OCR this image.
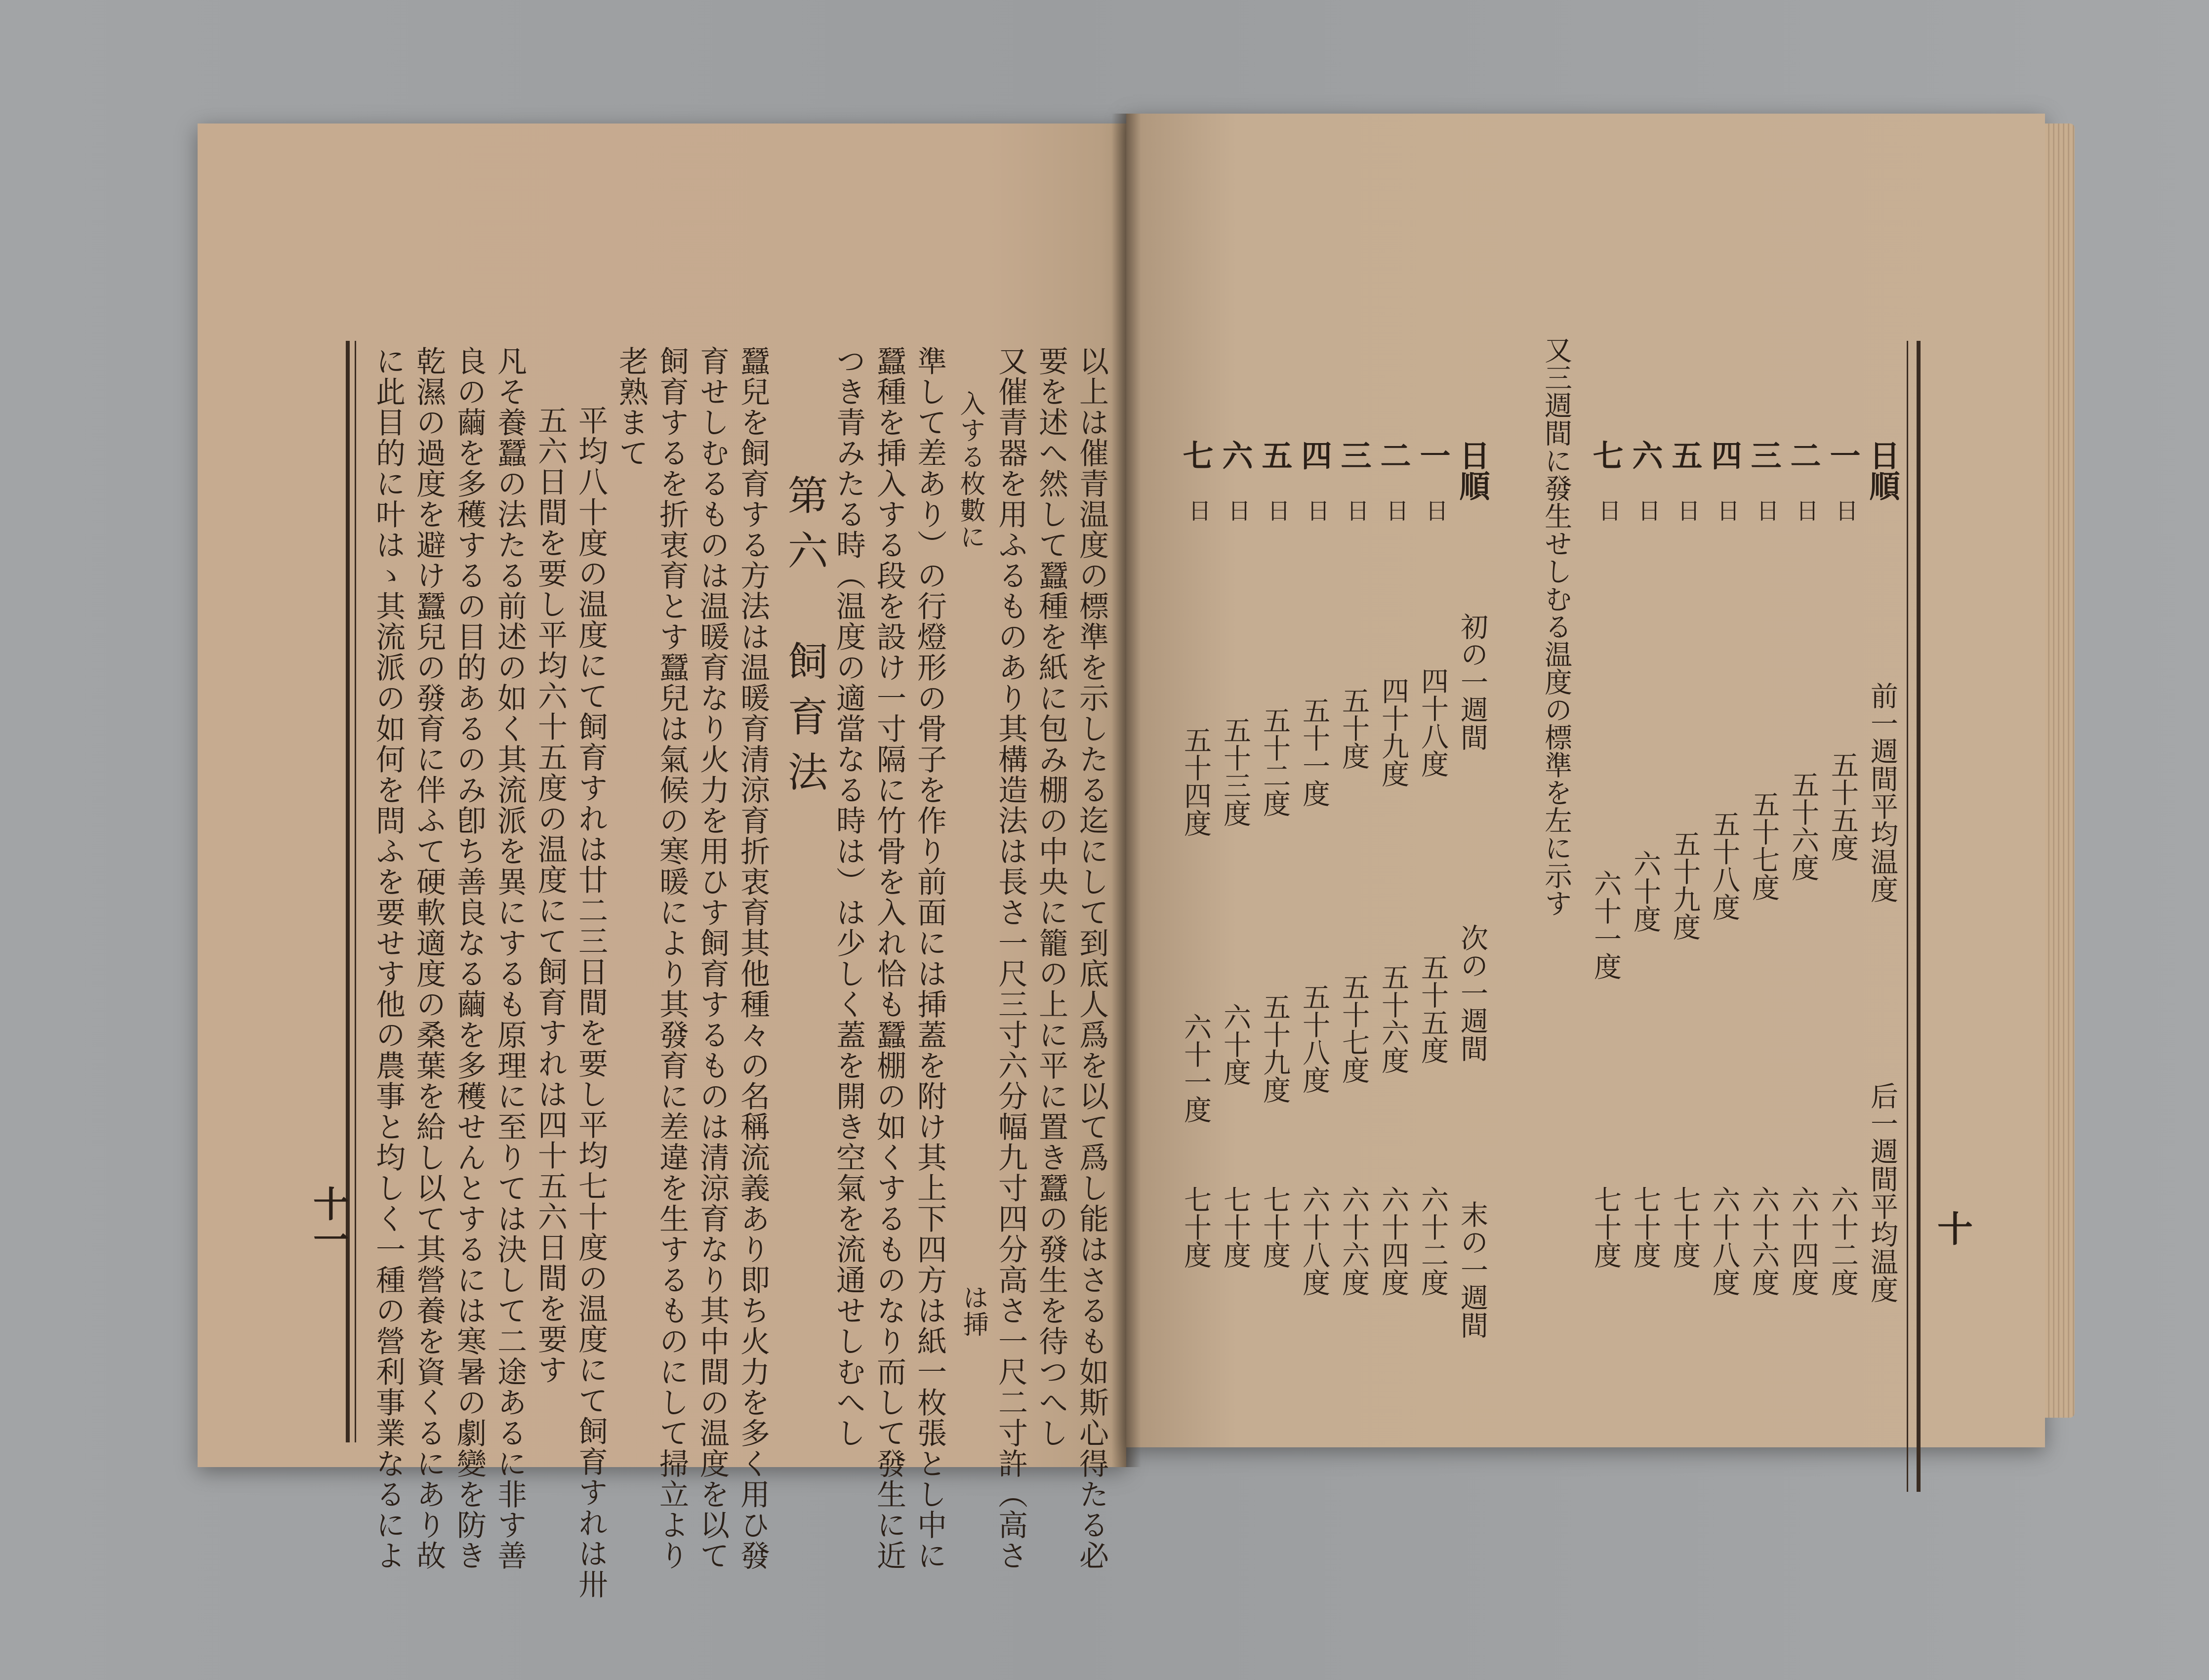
以上は催青温度の標準を示したる迄にして到底人爲を以て爲し能はさるも如斯心得たる必
要を述へ然して蠶種を紙に包み棚の中央に籠の上に平に置き蠶の發生を待つへし
又催青器を用ふるものあり其構造法は長さ一尺三寸六分幅九寸四分高さ一尺二寸許（高さ
入する枚數に
準して差あり）の行燈形の骨子を作り前面には挿蓋を附け其上下四方は紙一枚張とし中に
蠶種を挿入する段を設け一寸隔に竹骨を入れ恰も蠶棚の如くするものなり而して發生に近
つき青みたる時（温度の適當なる時は）は少しく蓋を開き空氣を流通せしむへし
第六　飼育法
蠶兒を飼育する方法は温暖育清涼育折衷育其他種々の名稱流義あり即ち火力を多く用ひ發
育せしむるものは温暖育なり火力を用ひす飼育するものは清涼育なり其中間の温度を以て
飼育するを折衷育とす蠶兒は氣候の寒暖により其發育に差違を生するものにして掃立より
老熟まて
平均八十度の温度にて飼育すれは廿二三日間を要し平均七十度の温度にて飼育すれは卅
五六日間を要し平均六十五度の温度にて飼育すれは四十五六日間を要す
凡そ養蠶の法たる前述の如く其流派を異にするも原理に至りては決して二途あるに非す善
良の繭を多穫するの目的あるのみ卽ち善良なる繭を多穫せんとするには寒暑の劇變を防き
乾濕の過度を避け蠶兒の發育に伴ふて硬軟適度の桑葉を給し以て其營養を資くるにあり故
に此目的に叶はゝ其流派の如何を問ふを要せす他の農事と均しく一種の營利事業なるによ	は挿
十一	十
日順
前一週間平均温度
后一週間平均温度
一
日
五十五度
六十二度
二
日
五十六度
六十四度
三
日
五十七度
六十六度
四
日
五十八度
六十八度
五
日
五十九度
七十度
六
日
六十度
七十度
七
日
六十一度
七十度
又三週間に發生せしむる温度の標準を左に示す
日順
初の一週間
次の一週間
末の一週間
一
日
四十八度
五十五度
六十二度
二
日
四十九度
五十六度
六十四度
三
日
五十度
五十七度
六十六度
四
日
五十一度
五十八度
六十八度
五
日
五十二度
五十九度
七十度
六
日
五十三度
六十度
七十度
七
日
五十四度
六十一度
七十度
